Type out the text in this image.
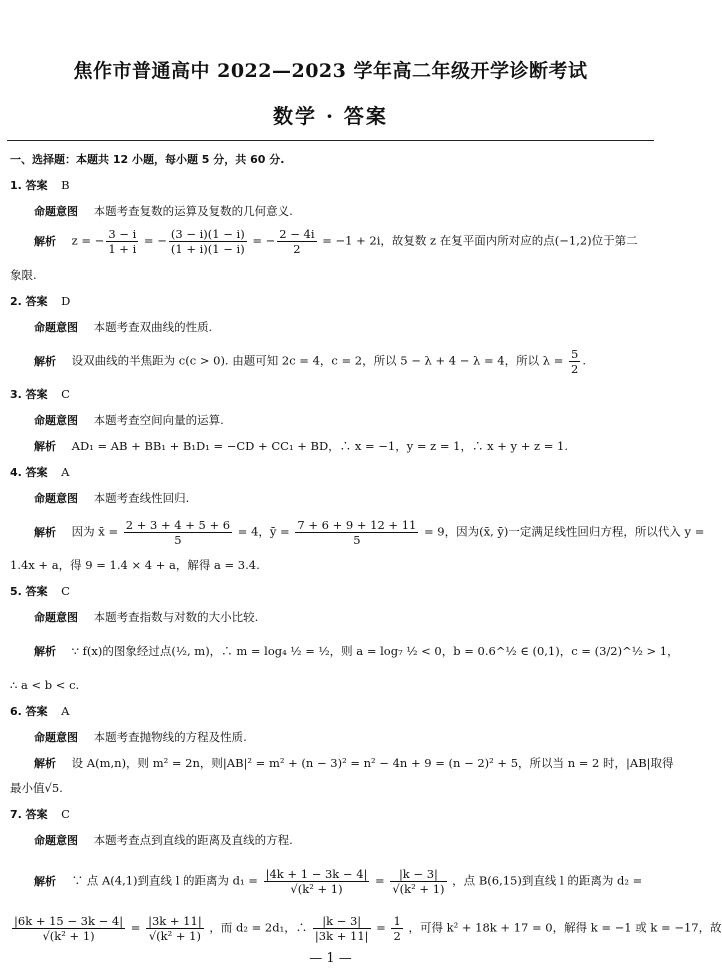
焦作市普通高中 2022—2023 学年高二年级开学诊断考试
数学 · 答案
一、选择题：本题共 12 小题，每小题 5 分，共 60 分.
1. 答案 B
命题意图 本题考查复数的运算及复数的几何意义.
解析 z = − $\frac{3 - i}{1 + i}$ = − $\frac{(3 - i)(1 - i)}{(1 + i)(1 - i)}$ = − $\frac{2 - 4i}{2} = -1 + 2i$，故复数 z 在复平面内所对应的点(−1,2)位于第二
象限.
2. 答案 D
命题意图 本题考查双曲线的性质.
解析 设双曲线的半焦距为 c(c > 0). 由题可知 2c = 4，c = 2，所以 5 − λ + 4 − λ = 4，所以 $\lambda = \frac{5}{2}$ .
3. 答案 C
命题意图 本题考查空间向量的运算.
解析 AD₁ = AB + BB₁ + B₁D₁ = −CD + CC₁ + BD，∴ x = −1，y = z = 1，∴ x + y + z = 1.
4. 答案 A
命题意图 本题考查线性回归.
解析 因为 x̄ = $\frac{2 + 3 + 4 + 5 + 6}{5} = 4$，ȳ = $\frac{7 + 6 + 9 + 12 + 11}{5} = 9$，因为(x̄, ȳ)一定满足线性回归方程，所以代入 y =
1.4x + a，得 9 = 1.4 × 4 + a，解得 a = 3.4.
5. 答案 C
命题意图 本题考查指数与对数的大小比较.
解析 ∵ f(x)的图象经过点(½, m)，∴ m = log₄ ½ = ½，则 a = log₇ ½ < 0，b = 0.6^½ ∈ (0,1)，c = (3/2)^½ > 1，
∴ a < b < c.
6. 答案 A
命题意图 本题考查抛物线的方程及性质.
解析 设 A(m,n)，则 m² = 2n，则|AB|² = m² + (n − 3)² = n² − 4n + 9 = (n − 2)² + 5，所以当 n = 2 时，|AB|取得
最小值√5.
7. 答案 C
命题意图 本题考查点到直线的距离及直线的方程.
解析 ∵ 点 A(4,1)到直线 l 的距离为 $d_1 = \frac{|4k + 1 - 3k - 4|}{\text{√(k² + 1)}} = \frac{|k - 3|}{\text{√(k² + 1)}}$ ，点 B(6,15)到直线 l 的距离为 d₂ =
$\frac{|6k + 15 - 3k - 4|}{\text{√(k² + 1)}} = \frac{|3k + 11|}{\text{√(k² + 1)}}$ ，而 d₂ = 2d₁，∴ $\frac{|k - 3|}{|3k + 11|} = \frac{1}{2}$ ，可得 k² + 18k + 17 = 0，解得 k = −1 或 k = −17，故
— 1 —
